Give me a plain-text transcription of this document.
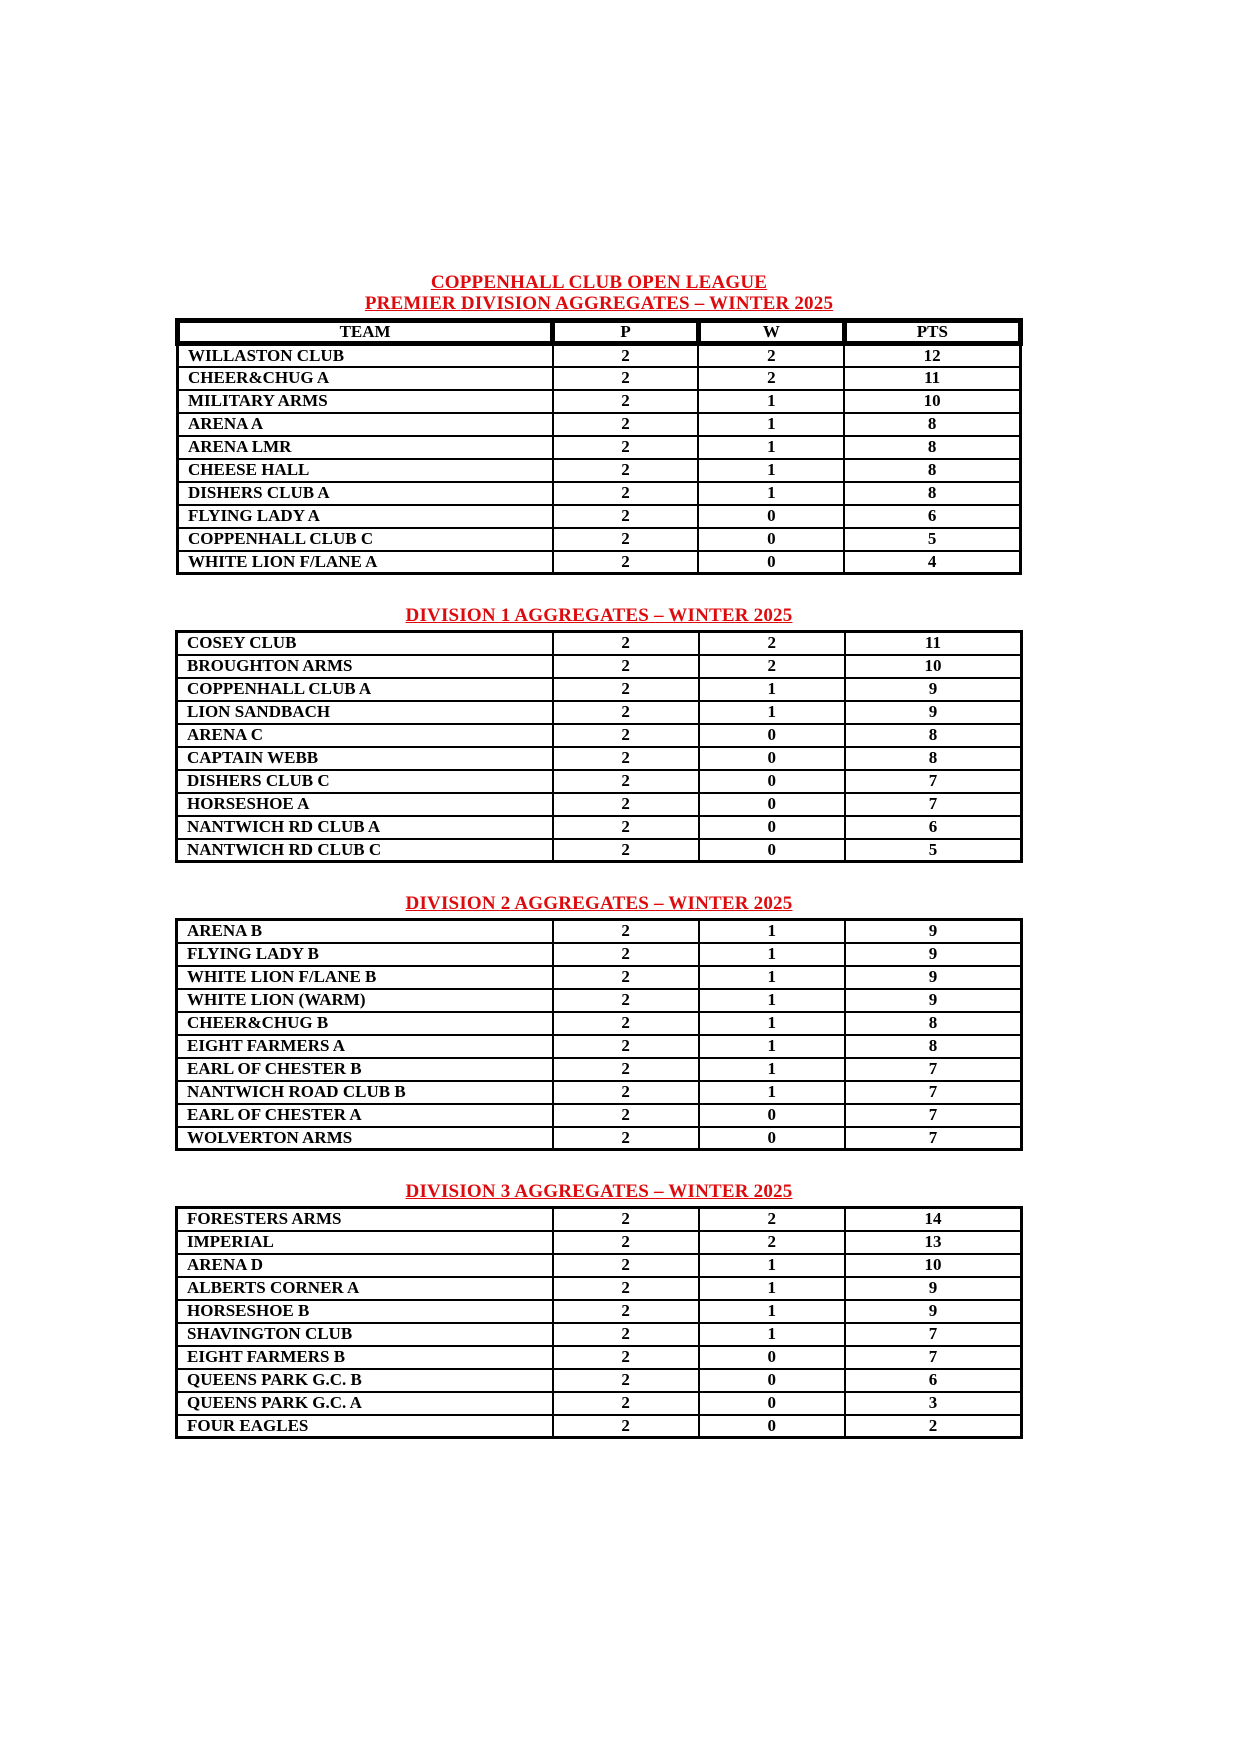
COPPENHALL CLUB OPEN LEAGUE
PREMIER DIVISION AGGREGATES – WINTER 2025
TEAM	P	W	PTS
WILLASTON CLUB	2	2	12
CHEER&CHUG A	2	2	11
MILITARY ARMS	2	1	10
ARENA A	2	1	8
ARENA LMR	2	1	8
CHEESE HALL	2	1	8
DISHERS CLUB A	2	1	8
FLYING LADY A	2	0	6
COPPENHALL CLUB C	2	0	5
WHITE LION F/LANE A	2	0	4
DIVISION 1 AGGREGATES – WINTER 2025
COSEY CLUB	2	2	11
BROUGHTON ARMS	2	2	10
COPPENHALL CLUB A	2	1	9
LION SANDBACH	2	1	9
ARENA C	2	0	8
CAPTAIN WEBB	2	0	8
DISHERS CLUB C	2	0	7
HORSESHOE A	2	0	7
NANTWICH RD CLUB A	2	0	6
NANTWICH RD CLUB C	2	0	5
DIVISION 2 AGGREGATES – WINTER 2025
ARENA B	2	1	9
FLYING LADY B	2	1	9
WHITE LION F/LANE B	2	1	9
WHITE LION (WARM)	2	1	9
CHEER&CHUG B	2	1	8
EIGHT FARMERS A	2	1	8
EARL OF CHESTER B	2	1	7
NANTWICH ROAD CLUB B	2	1	7
EARL OF CHESTER A	2	0	7
WOLVERTON ARMS	2	0	7
DIVISION 3 AGGREGATES – WINTER 2025
FORESTERS ARMS	2	2	14
IMPERIAL	2	2	13
ARENA D	2	1	10
ALBERTS CORNER A	2	1	9
HORSESHOE B	2	1	9
SHAVINGTON CLUB	2	1	7
EIGHT FARMERS B	2	0	7
QUEENS PARK G.C. B	2	0	6
QUEENS PARK G.C. A	2	0	3
FOUR EAGLES	2	0	2
